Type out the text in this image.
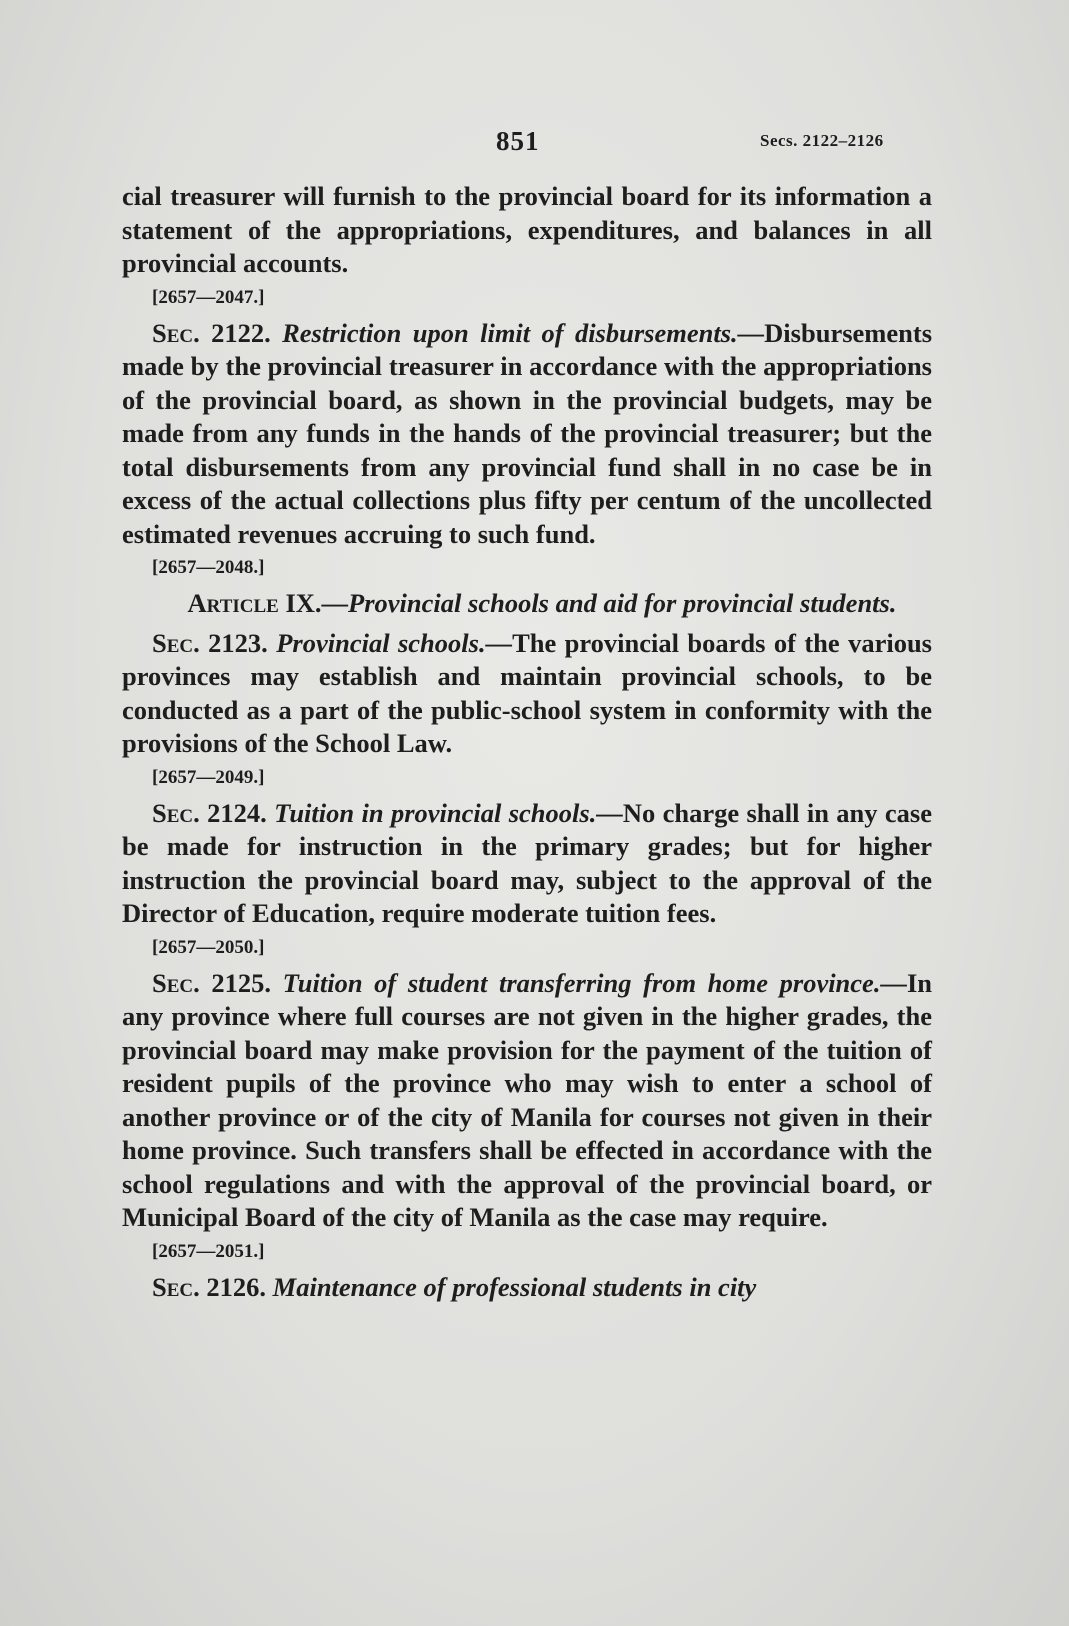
851	Secs. 2122–2126

cial treasurer will furnish to the provincial board for its information a statement of the appropriations, expenditures, and balances in all provincial accounts.

[2657—2047.]

Sec. 2122. Restriction upon limit of disbursements.—Disbursements made by the provincial treasurer in accordance with the appropriations of the provincial board, as shown in the provincial budgets, may be made from any funds in the hands of the provincial treasurer; but the total disbursements from any provincial fund shall in no case be in excess of the actual collections plus fifty per centum of the uncollected estimated revenues accruing to such fund.

[2657—2048.]

Article IX.—Provincial schools and aid for provincial students.

Sec. 2123. Provincial schools.—The provincial boards of the various provinces may establish and maintain provincial schools, to be conducted as a part of the public-school system in conformity with the provisions of the School Law.

[2657—2049.]

Sec. 2124. Tuition in provincial schools.—No charge shall in any case be made for instruction in the primary grades; but for higher instruction the provincial board may, subject to the approval of the Director of Education, require moderate tuition fees.

[2657—2050.]

Sec. 2125. Tuition of student transferring from home province.—In any province where full courses are not given in the higher grades, the provincial board may make provision for the payment of the tuition of resident pupils of the province who may wish to enter a school of another province or of the city of Manila for courses not given in their home province. Such transfers shall be effected in accordance with the school regulations and with the approval of the provincial board, or Municipal Board of the city of Manila as the case may require.

[2657—2051.]

Sec. 2126. Maintenance of professional students in city
